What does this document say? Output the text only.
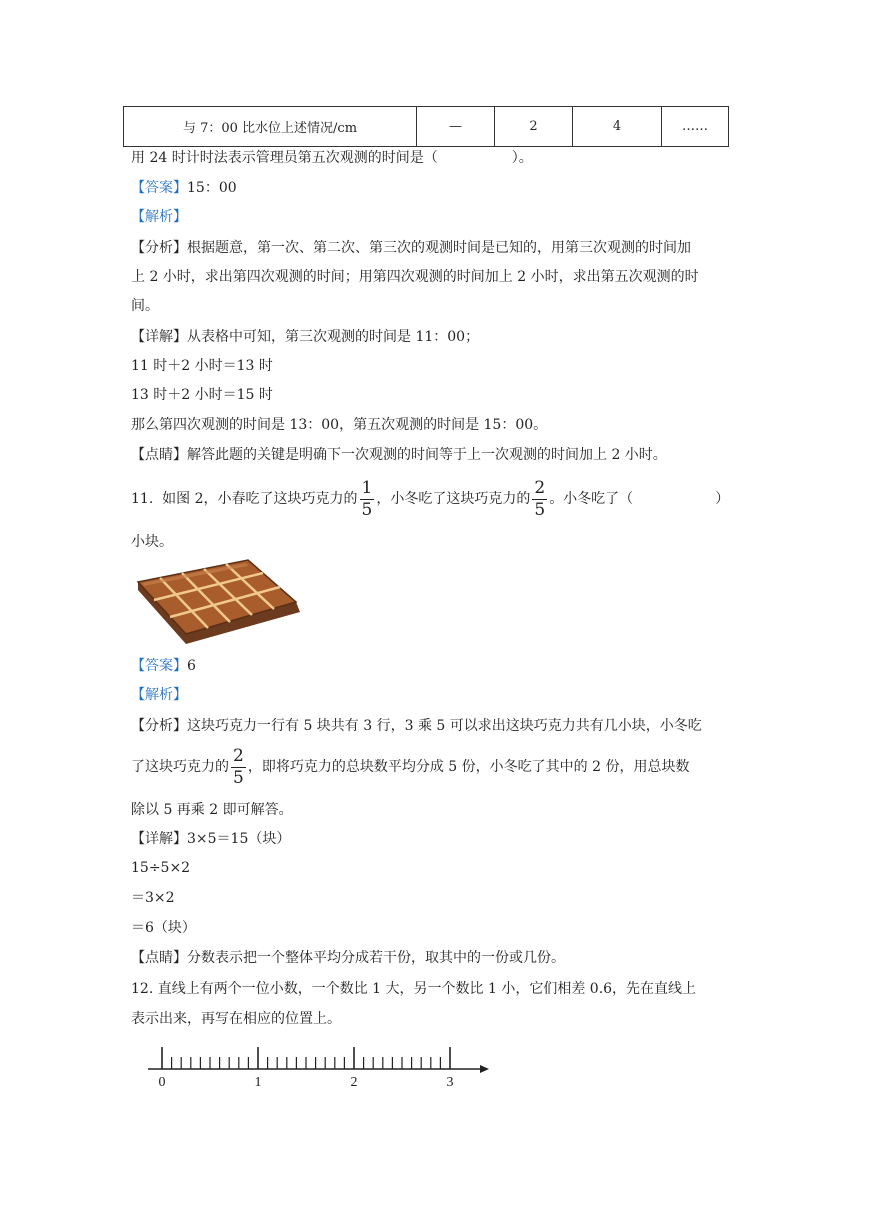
与 7：00 比水位上述情况/cm	—	2	4	……
用 24 时计时法表示管理员第五次观测的时间是（	）。
【答案】15：00
【解析】
【分析】根据题意，第一次、第二次、第三次的观测时间是已知的，用第三次观测的时间加
上 2 小时，求出第四次观测的时间；用第四次观测的时间加上 2 小时，求出第五次观测的时
间。
【详解】从表格中可知，第三次观测的时间是 11：00；
11 时＋2 小时＝13 时
13 时＋2 小时＝15 时
那么第四次观测的时间是 13：00，第五次观测的时间是 15：00。
【点睛】解答此题的关键是明确下一次观测的时间等于上一次观测的时间加上 2 小时。
11. 如图 2，小春吃了这块巧克力的 $\frac{1}{5}$ ，小冬吃了这块巧克力的 $\frac{2}{5}$ 。小冬吃了（	）
小块。
【答案】6
【解析】
【分析】这块巧克力一行有 5 块共有 3 行，3 乘 5 可以求出这块巧克力共有几小块，小冬吃
了这块巧克力的 $\frac{2}{5}$ ，即将巧克力的总块数平均分成 5 份，小冬吃了其中的 2 份，用总块数
除以 5 再乘 2 即可解答。
【详解】3×5＝15（块）
15÷5×2
＝3×2
＝6（块）
【点睛】分数表示把一个整体平均分成若干份，取其中的一份或几份。
12. 直线上有两个一位小数，一个数比 1 大，另一个数比 1 小，它们相差 0.6，先在直线上
表示出来，再写在相应的位置上。
0	1	2	3
